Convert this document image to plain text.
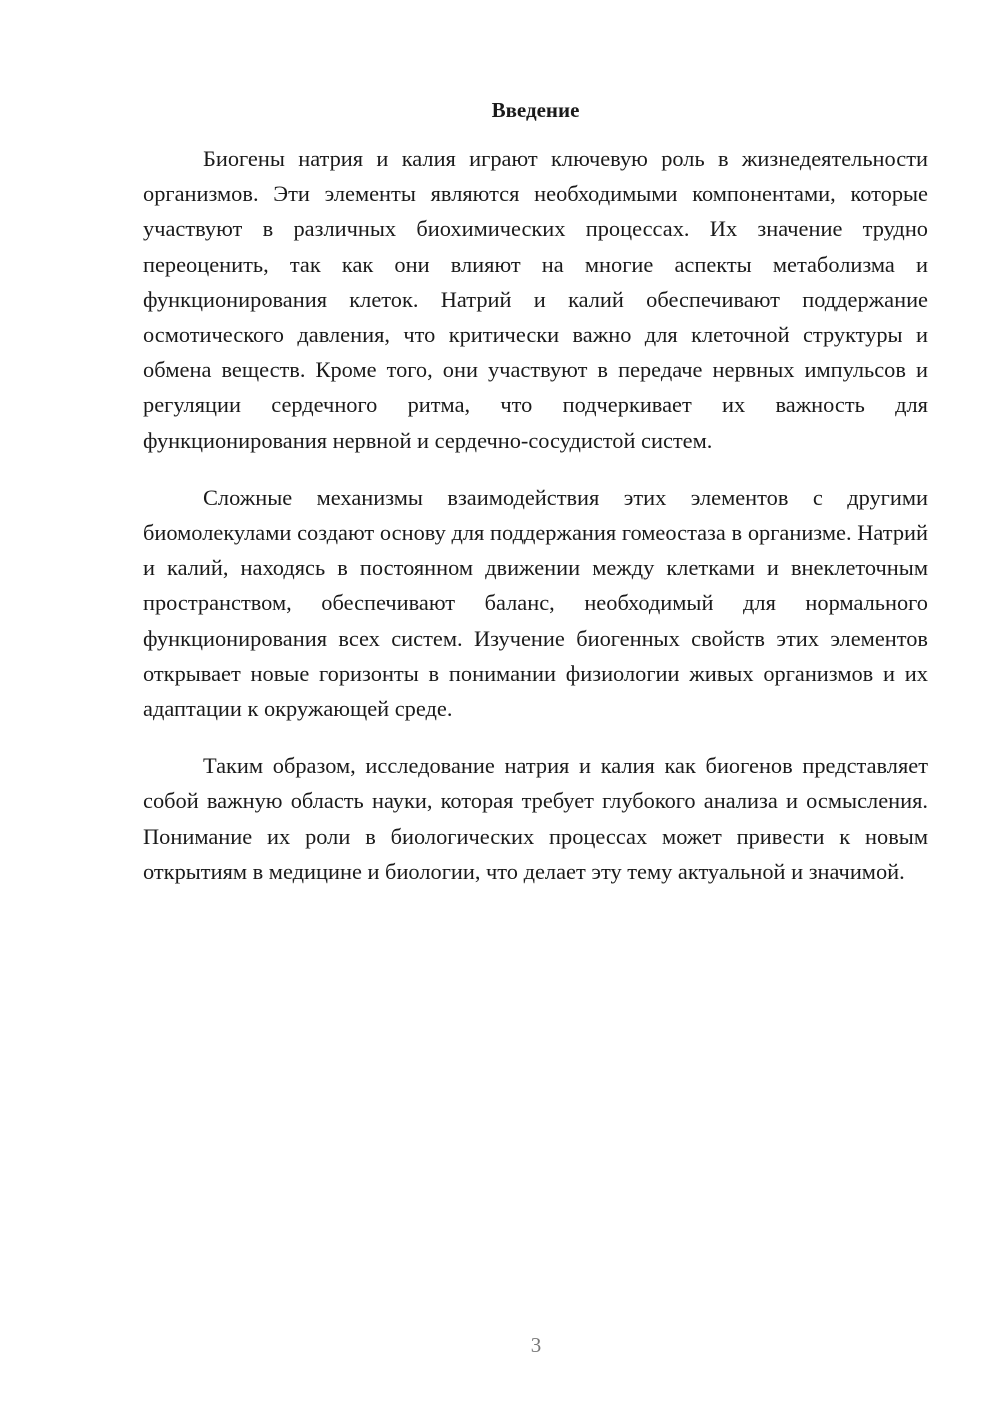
Введение

Биогены натрия и калия играют ключевую роль в жизнедеятельности организмов. Эти элементы являются необходимыми компонентами, которые участвуют в различных биохимических процессах. Их значение трудно переоценить, так как они влияют на многие аспекты метаболизма и функционирования клеток. Натрий и калий обеспечивают поддержание осмотического давления, что критически важно для клеточной структуры и обмена веществ. Кроме того, они участвуют в передаче нервных импульсов и регуляции сердечного ритма, что подчеркивает их важность для функционирования нервной и сердечно-сосудистой систем.

Сложные механизмы взаимодействия этих элементов с другими биомолекулами создают основу для поддержания гомеостаза в организме. Натрий и калий, находясь в постоянном движении между клетками и внеклеточным пространством, обеспечивают баланс, необходимый для нормального функционирования всех систем. Изучение биогенных свойств этих элементов открывает новые горизонты в понимании физиологии живых организмов и их адаптации к окружающей среде.

Таким образом, исследование натрия и калия как биогенов представляет собой важную область науки, которая требует глубокого анализа и осмысления. Понимание их роли в биологических процессах может привести к новым открытиям в медицине и биологии, что делает эту тему актуальной и значимой.

3
